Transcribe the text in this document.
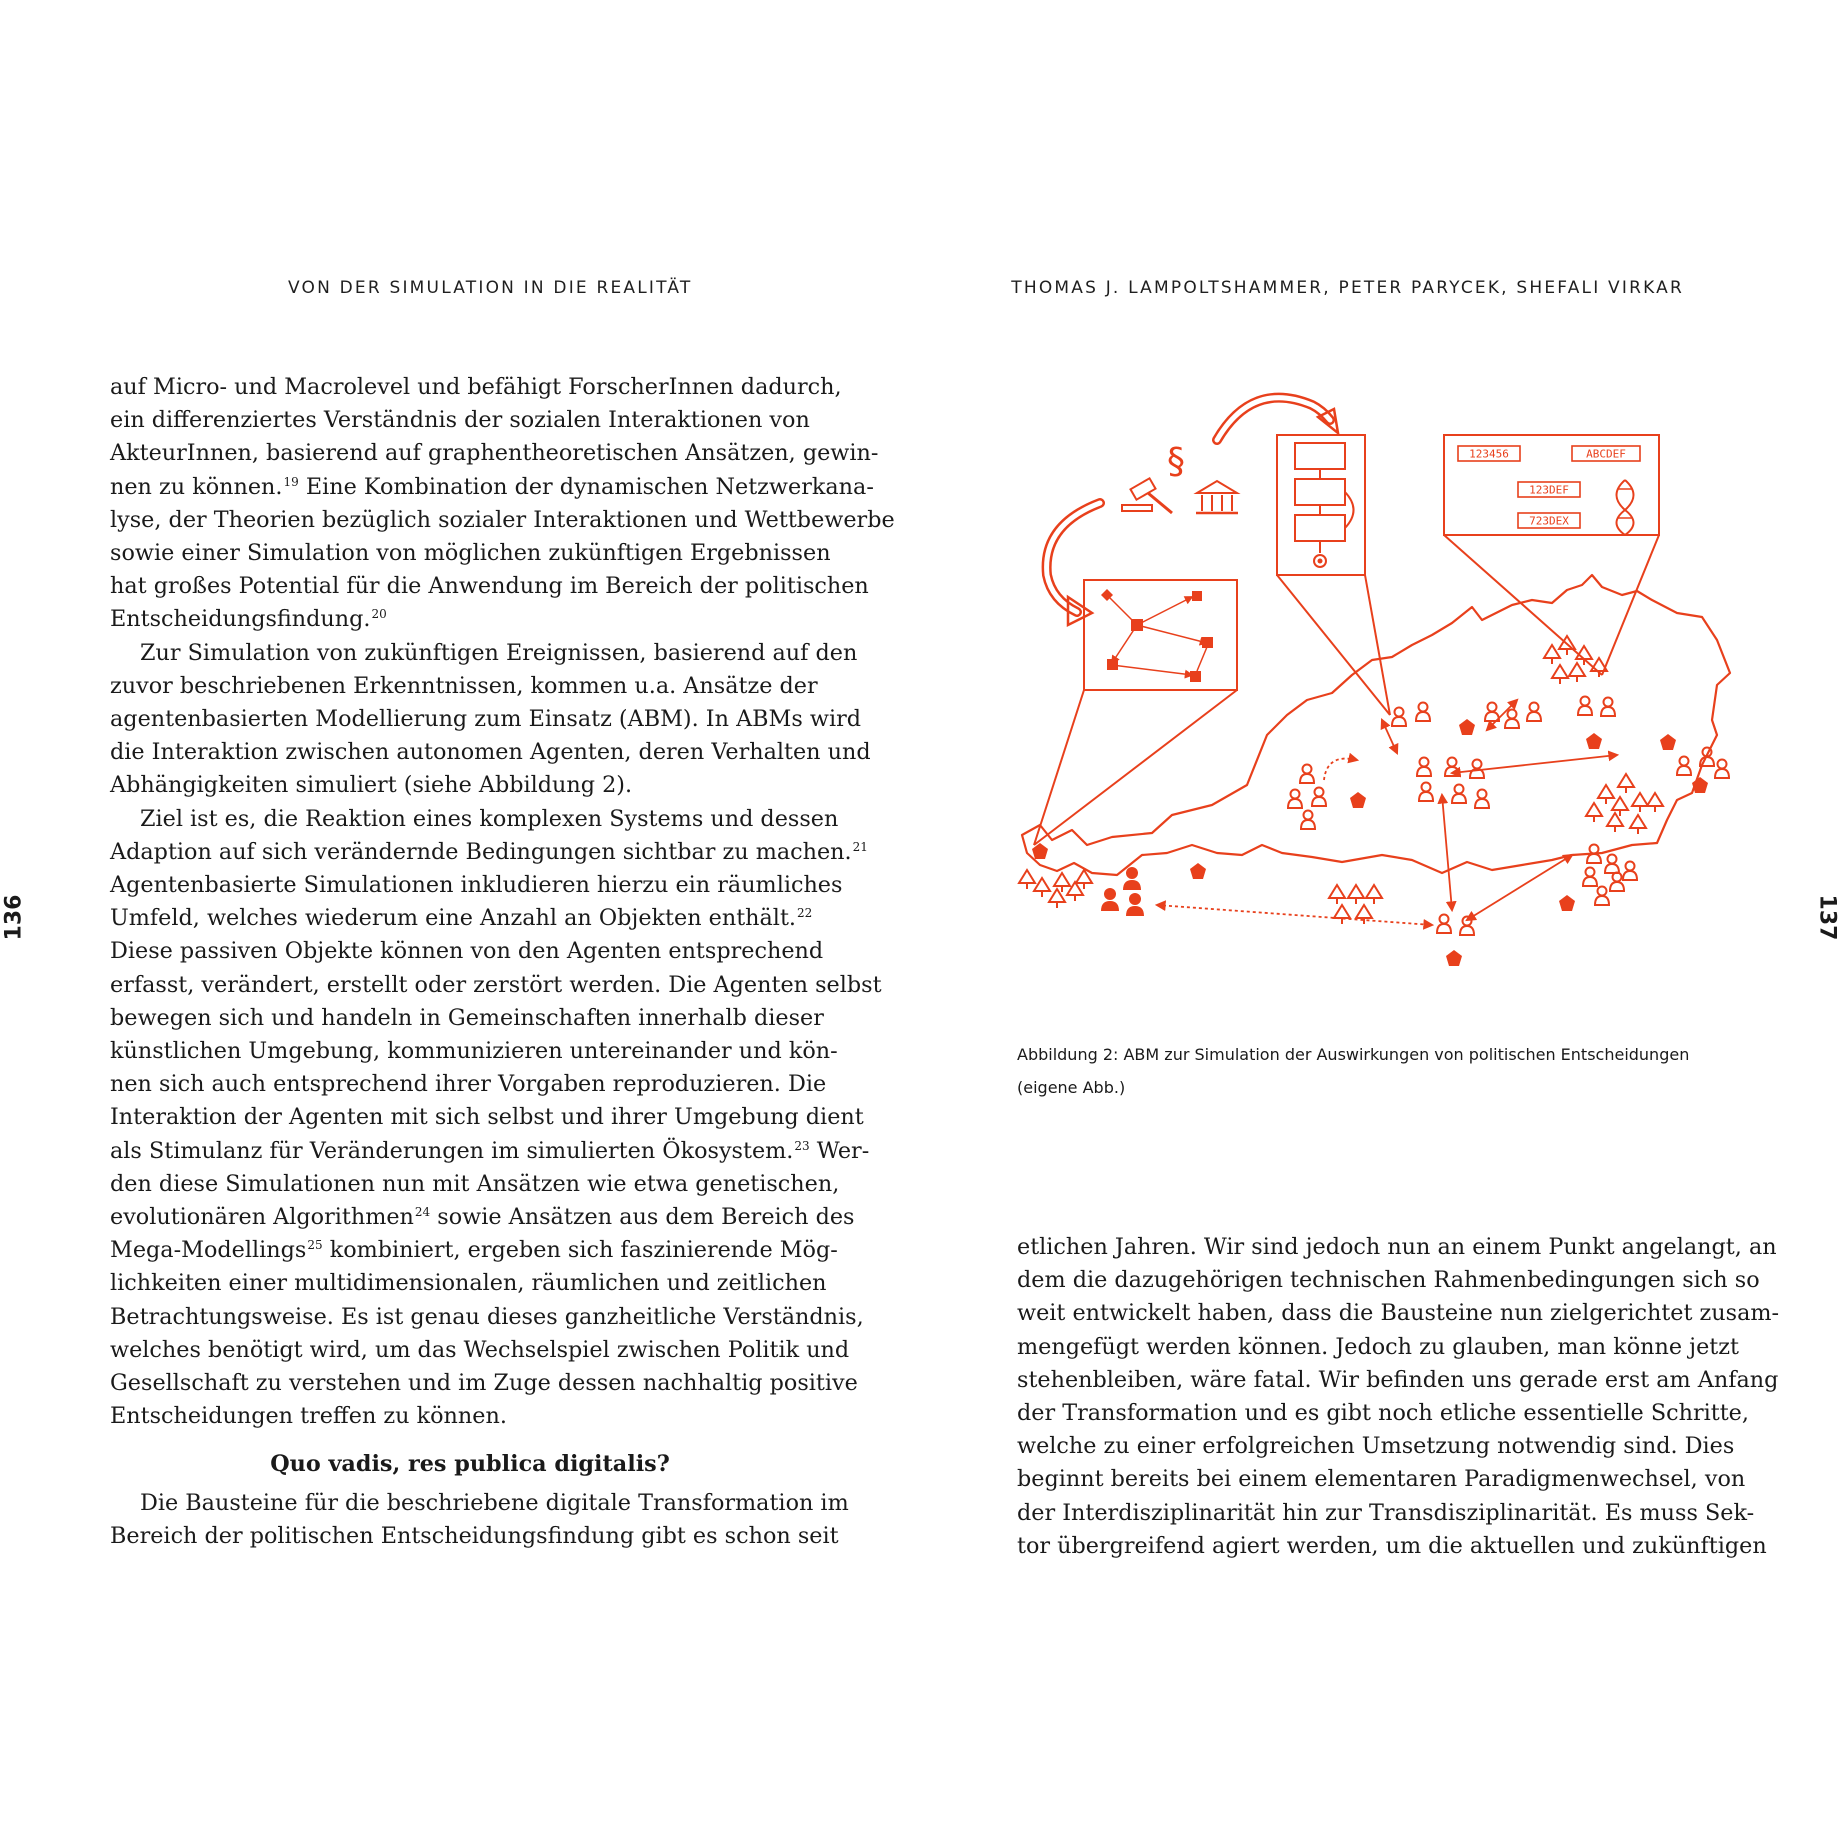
VON DER SIMULATION IN DIE REALITÄT	THOMAS J. LAMPOLTSHAMMER, PETER PARYCEK, SHEFALI VIRKAR
136	137
auf Micro- und Macrolevel und befähigt ForscherInnen dadurch,
ein differenziertes Verständnis der sozialen Interaktionen von
AkteurInnen, basierend auf graphentheoretischen Ansätzen, gewin-
nen zu können.$^{19}$ Eine Kombination der dynamischen Netzwerkana-
lyse, der Theorien bezüglich sozialer Interaktionen und Wettbewerbe
sowie einer Simulation von möglichen zukünftigen Ergebnissen
hat großes Potential für die Anwendung im Bereich der politischen
Entscheidungsfindung.$^{20}$
Zur Simulation von zukünftigen Ereignissen, basierend auf den
zuvor beschriebenen Erkenntnissen, kommen u.a. Ansätze der
agentenbasierten Modellierung zum Einsatz (ABM). In ABMs wird
die Interaktion zwischen autonomen Agenten, deren Verhalten und
Abhängigkeiten simuliert (siehe Abbildung 2).
Ziel ist es, die Reaktion eines komplexen Systems und dessen
Adaption auf sich verändernde Bedingungen sichtbar zu machen.$^{21}$
Agentenbasierte Simulationen inkludieren hierzu ein räumliches
Umfeld, welches wiederum eine Anzahl an Objekten enthält.$^{22}$
Diese passiven Objekte können von den Agenten entsprechend
erfasst, verändert, erstellt oder zerstört werden. Die Agenten selbst
bewegen sich und handeln in Gemeinschaften innerhalb dieser
künstlichen Umgebung, kommunizieren untereinander und kön-
nen sich auch entsprechend ihrer Vorgaben reproduzieren. Die
Interaktion der Agenten mit sich selbst und ihrer Umgebung dient
als Stimulanz für Veränderungen im simulierten Ökosystem.$^{23}$ Wer-
den diese Simulationen nun mit Ansätzen wie etwa genetischen,
evolutionären Algorithmen$^{24}$ sowie Ansätzen aus dem Bereich des
Mega-Modellings$^{25}$ kombiniert, ergeben sich faszinierende Mög-
lichkeiten einer multidimensionalen, räumlichen und zeitlichen
Betrachtungsweise. Es ist genau dieses ganzheitliche Verständnis,
welches benötigt wird, um das Wechselspiel zwischen Politik und
Gesellschaft zu verstehen und im Zuge dessen nachhaltig positive
Entscheidungen treffen zu können.
Quo vadis, res publica digitalis?
Die Bausteine für die beschriebene digitale Transformation im
Bereich der politischen Entscheidungsfindung gibt es schon seit
§	123456	ABCDEF
123DEF
723DEX
Abbildung 2: ABM zur Simulation der Auswirkungen von politischen Entscheidungen
(eigene Abb.)
etlichen Jahren. Wir sind jedoch nun an einem Punkt angelangt, an
dem die dazugehörigen technischen Rahmenbedingungen sich so
weit entwickelt haben, dass die Bausteine nun zielgerichtet zusam-
mengefügt werden können. Jedoch zu glauben, man könne jetzt
stehenbleiben, wäre fatal. Wir befinden uns gerade erst am Anfang
der Transformation und es gibt noch etliche essentielle Schritte,
welche zu einer erfolgreichen Umsetzung notwendig sind. Dies
beginnt bereits bei einem elementaren Paradigmenwechsel, von
der Interdisziplinarität hin zur Transdisziplinarität. Es muss Sek-
tor übergreifend agiert werden, um die aktuellen und zukünftigen
